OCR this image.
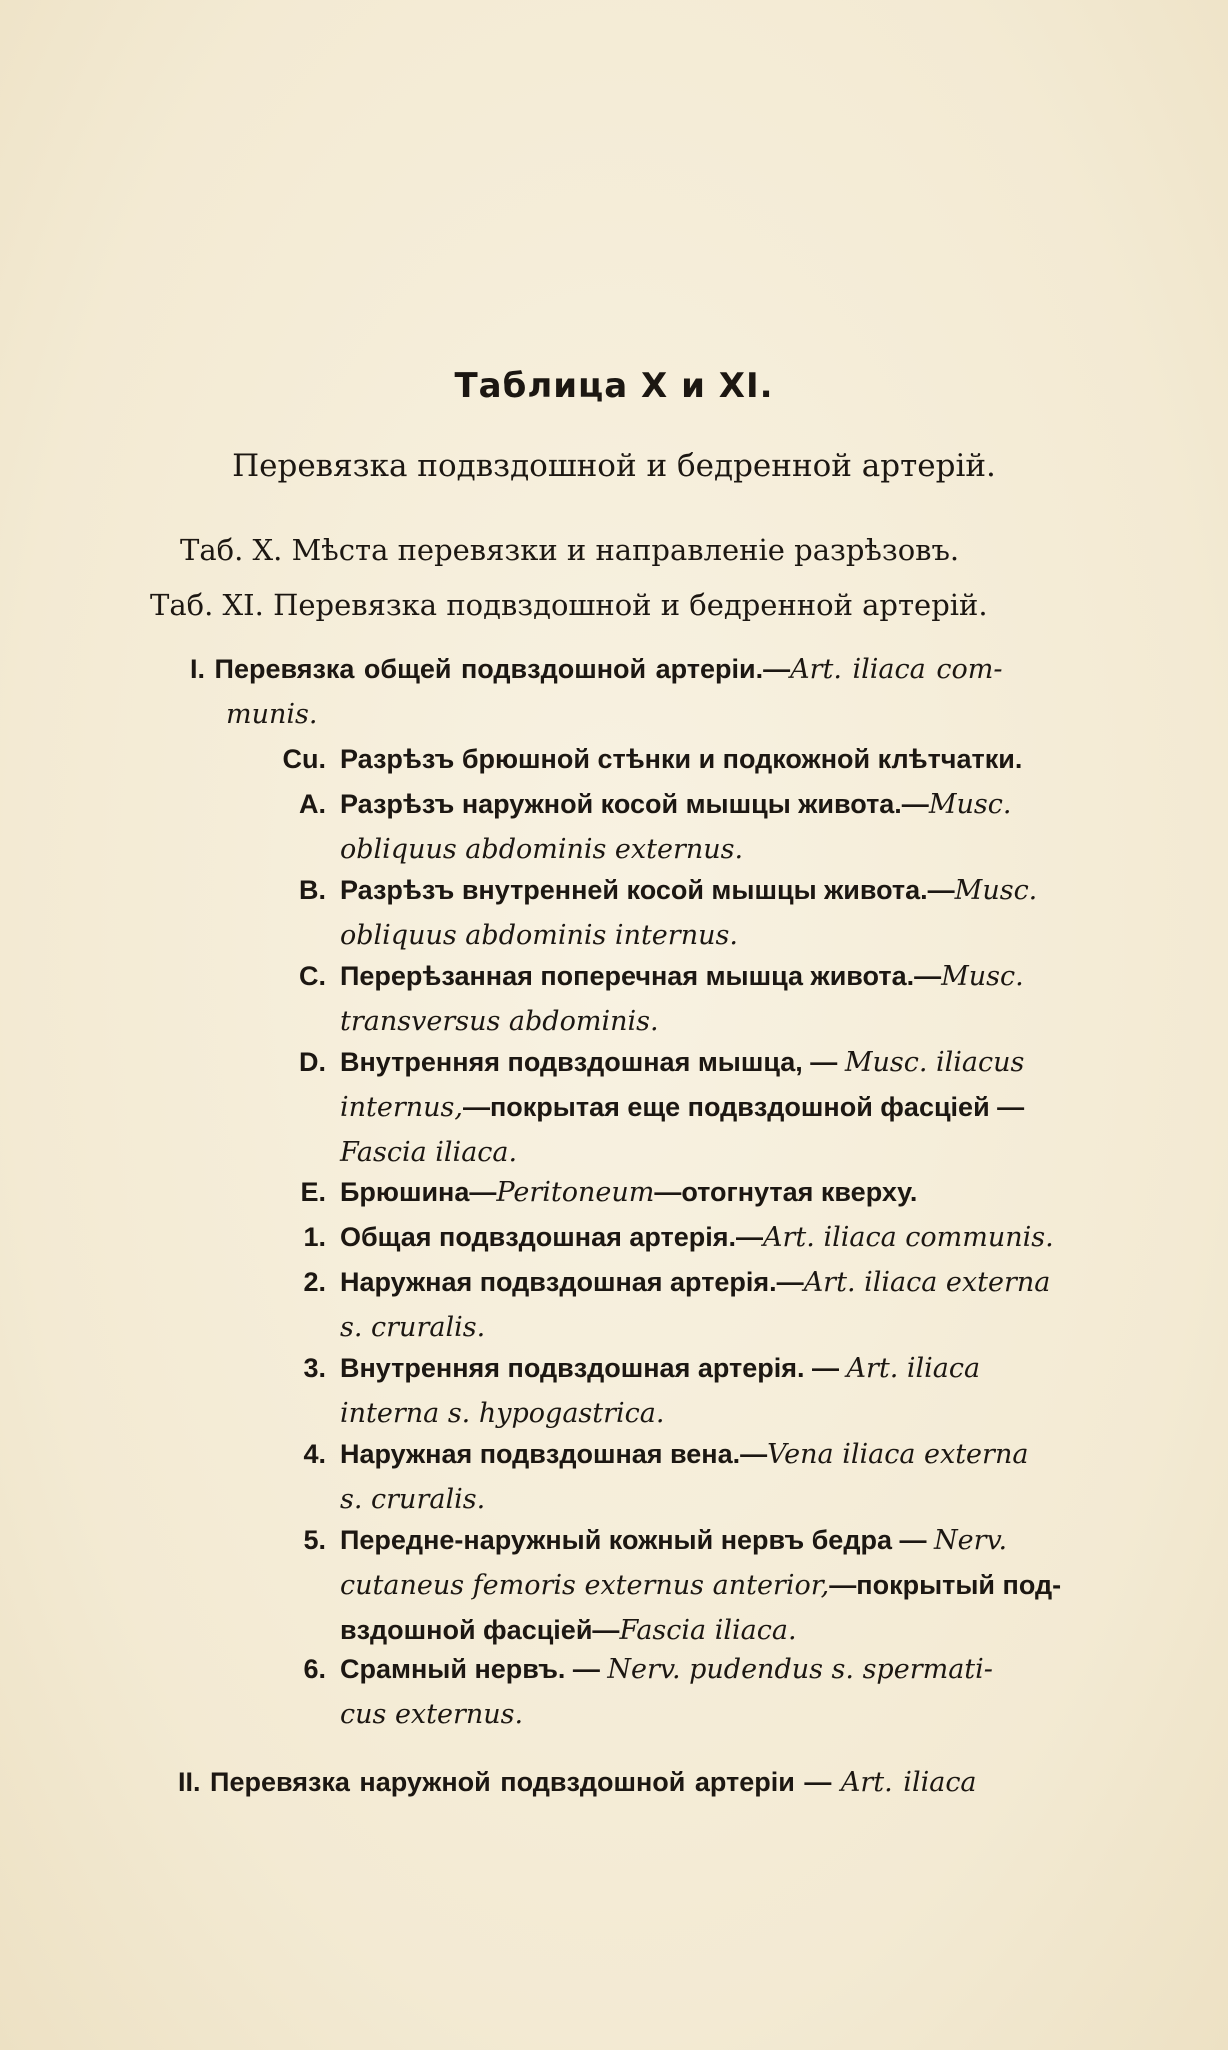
Таблица X и XI.
Перевязка подвздошной и бедренной артерій.
Таб. X. Мѣста перевязки и направленіе разрѣзовъ.
Таб. XI. Перевязка подвздошной и бедренной артерій.
I. Перевязка общей подвздошной артеріи.—Art. iliaca com-
munis.
Cu. Разрѣзъ брюшной стѣнки и подкожной клѣтчатки.
A. Разрѣзъ наружной косой мышцы живота.—Musc.
obliquus abdominis externus.
B. Разрѣзъ внутренней косой мышцы живота.—Musc.
obliquus abdominis internus.
C. Перерѣзанная поперечная мышца живота.—Musc.
transversus abdominis.
D. Внутренняя подвздошная мышца, — Musc. iliacus
internus,—покрытая еще подвздошной фасціей —
Fascia iliaca.
E. Брюшина—Peritoneum—отогнутая кверху.
1. Общая подвздошная артерія.—Art. iliaca communis.
2. Наружная подвздошная артерія.—Art. iliaca externa
s. cruralis.
3. Внутренняя подвздошная артерія. — Art. iliaca
interna s. hypogastrica.
4. Наружная подвздошная вена.—Vena iliaca externa
s. cruralis.
5. Передне-наружный кожный нервъ бедра — Nerv.
cutaneus femoris externus anterior,—покрытый под-
вздошной фасціей—Fascia iliaca.
6. Срамный нервъ. — Nerv. pudendus s. spermati-
cus externus.
II. Перевязка наружной подвздошной артеріи — Art. iliaca
